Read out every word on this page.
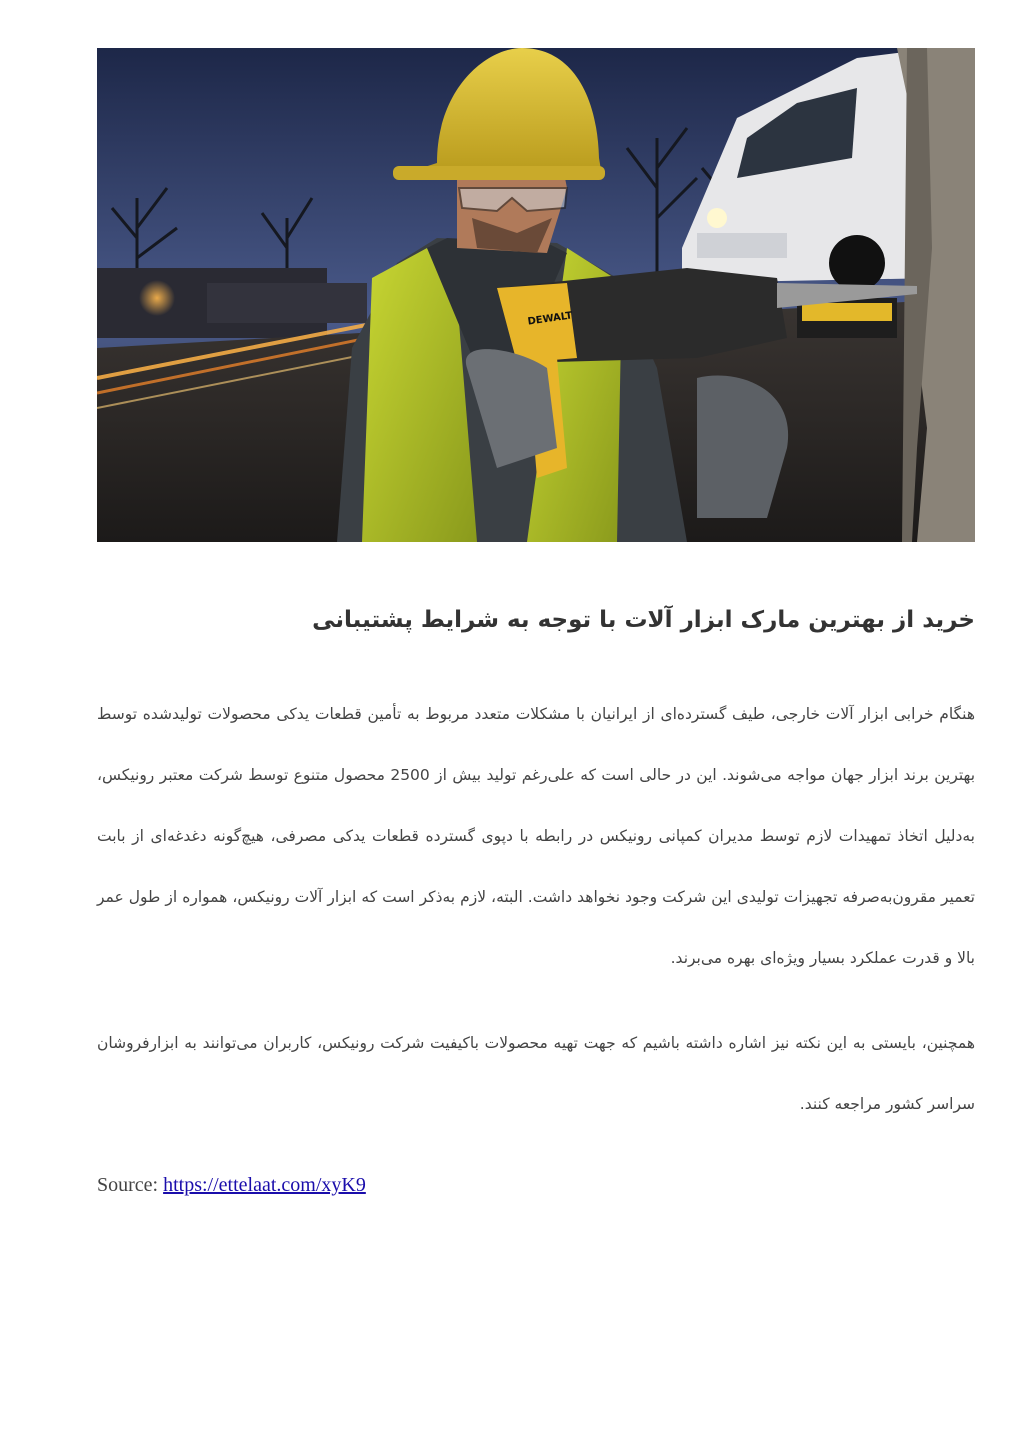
DEWALT
خرید از بهترین مارک ابزار آلات با توجه به شرایط پشتیبانی

هنگام خرابی ابزار آلات خارجی، طیف گسترده‌ای از ایرانیان با مشکلات متعدد مربوط به تأمین قطعات یدکی محصولات تولیدشده توسط بهترین برند ابزار جهان مواجه می‌شوند. این در حالی است که علی‌رغم تولید بیش از 2500 محصول متنوع توسط شرکت معتبر رونیکس، به‌دلیل اتخاذ تمهیدات لازم توسط مدیران کمپانی رونیکس در رابطه با دپوی گسترده قطعات یدکی مصرفی، هیچ‌گونه دغدغه‌ای از بابت تعمیر مقرون‌به‌صرفه تجهیزات تولیدی این شرکت وجود نخواهد داشت. البته، لازم به‌ذکر است که ابزار آلات رونیکس، همواره از طول عمر بالا و قدرت عملکرد بسیار ویژه‌ای بهره می‌برند.

همچنین، بایستی به این نکته نیز اشاره داشته باشیم که جهت تهیه محصولات باکیفیت شرکت رونیکس، کاربران می‌توانند به ابزارفروشان سراسر کشور مراجعه کنند.

Source: https://ettelaat.com/xyK9
